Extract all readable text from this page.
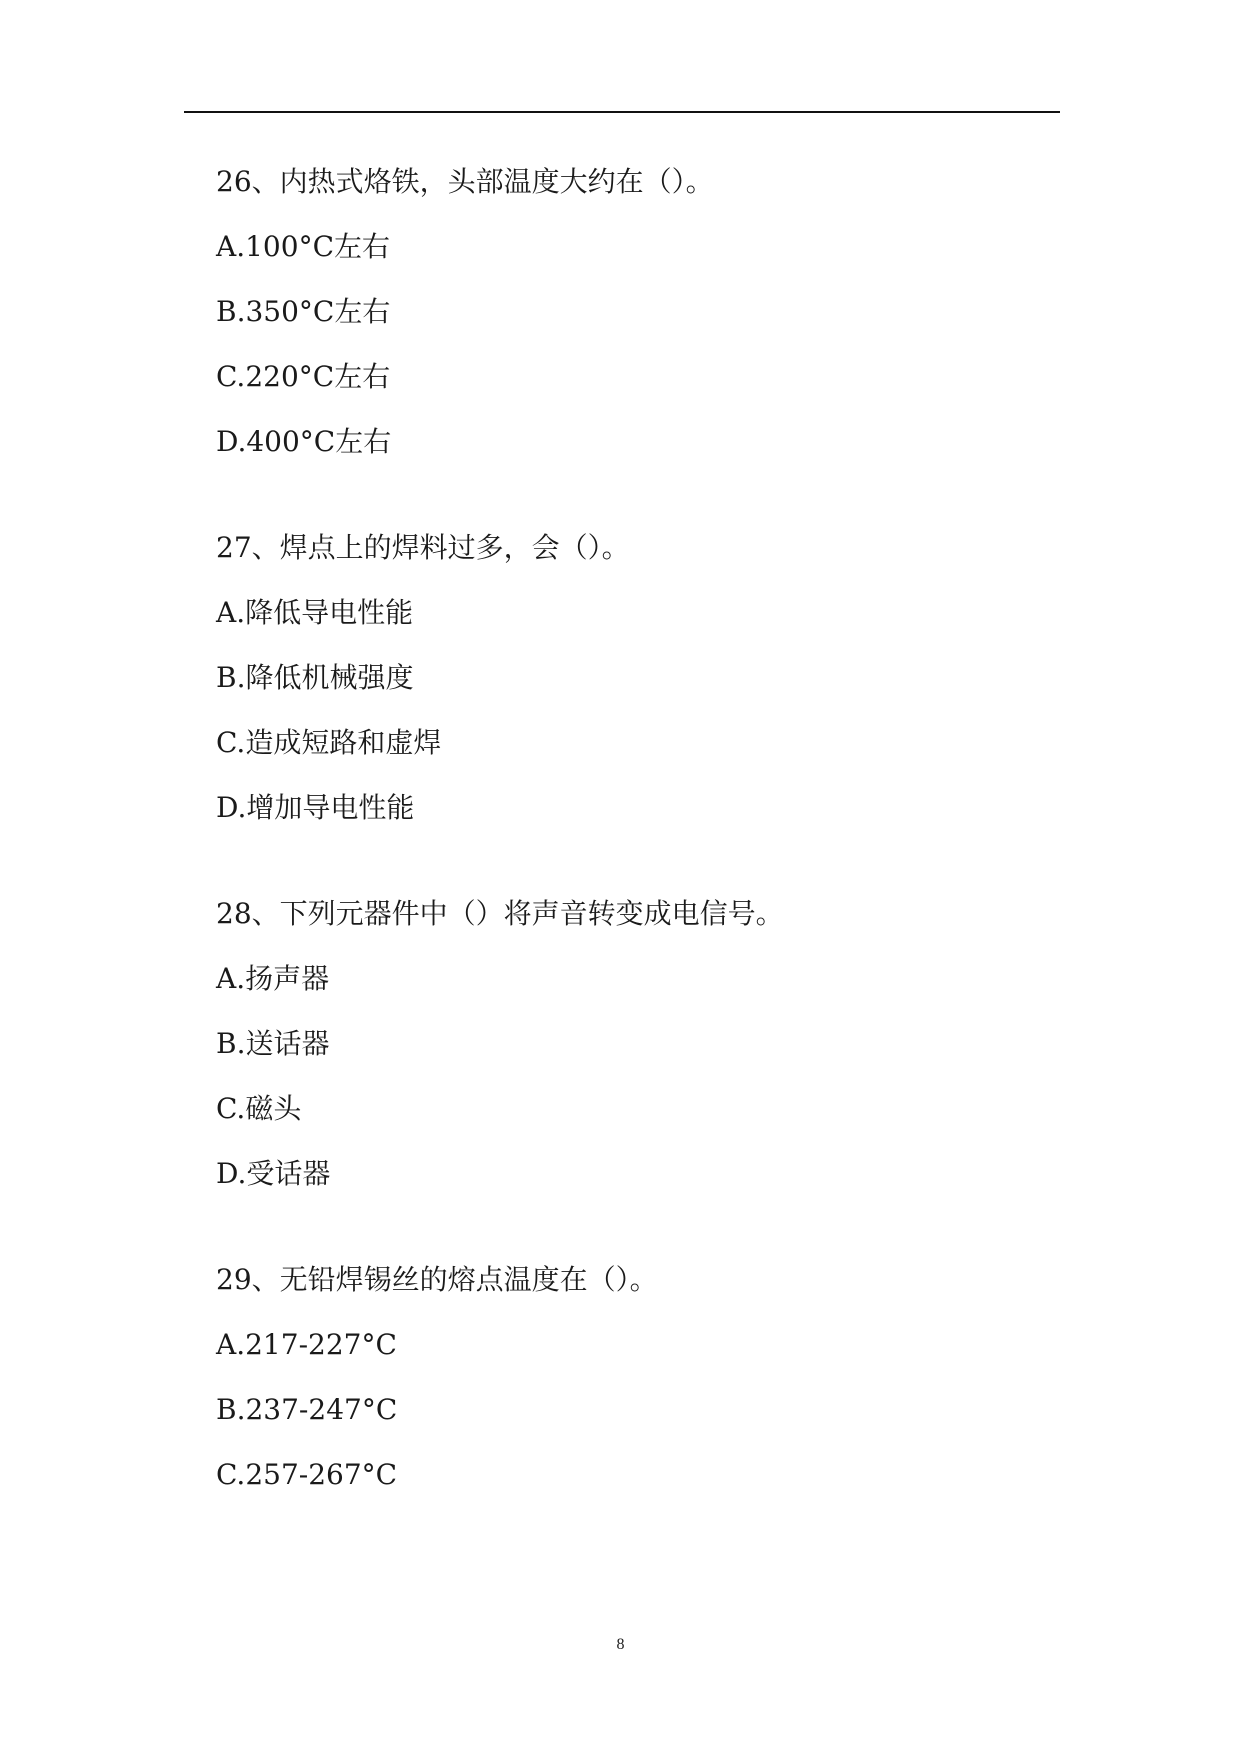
26、内热式烙铁，头部温度大约在（）。
A.100°C左右
B.350°C左右
C.220°C左右
D.400°C左右
27、焊点上的焊料过多，会（）。
A.降低导电性能
B.降低机械强度
C.造成短路和虚焊
D.增加导电性能
28、下列元器件中（）将声音转变成电信号。
A.扬声器
B.送话器
C.磁头
D.受话器
29、无铅焊锡丝的熔点温度在（）。
A.217-227°C
B.237-247°C
C.257-267°C
8
